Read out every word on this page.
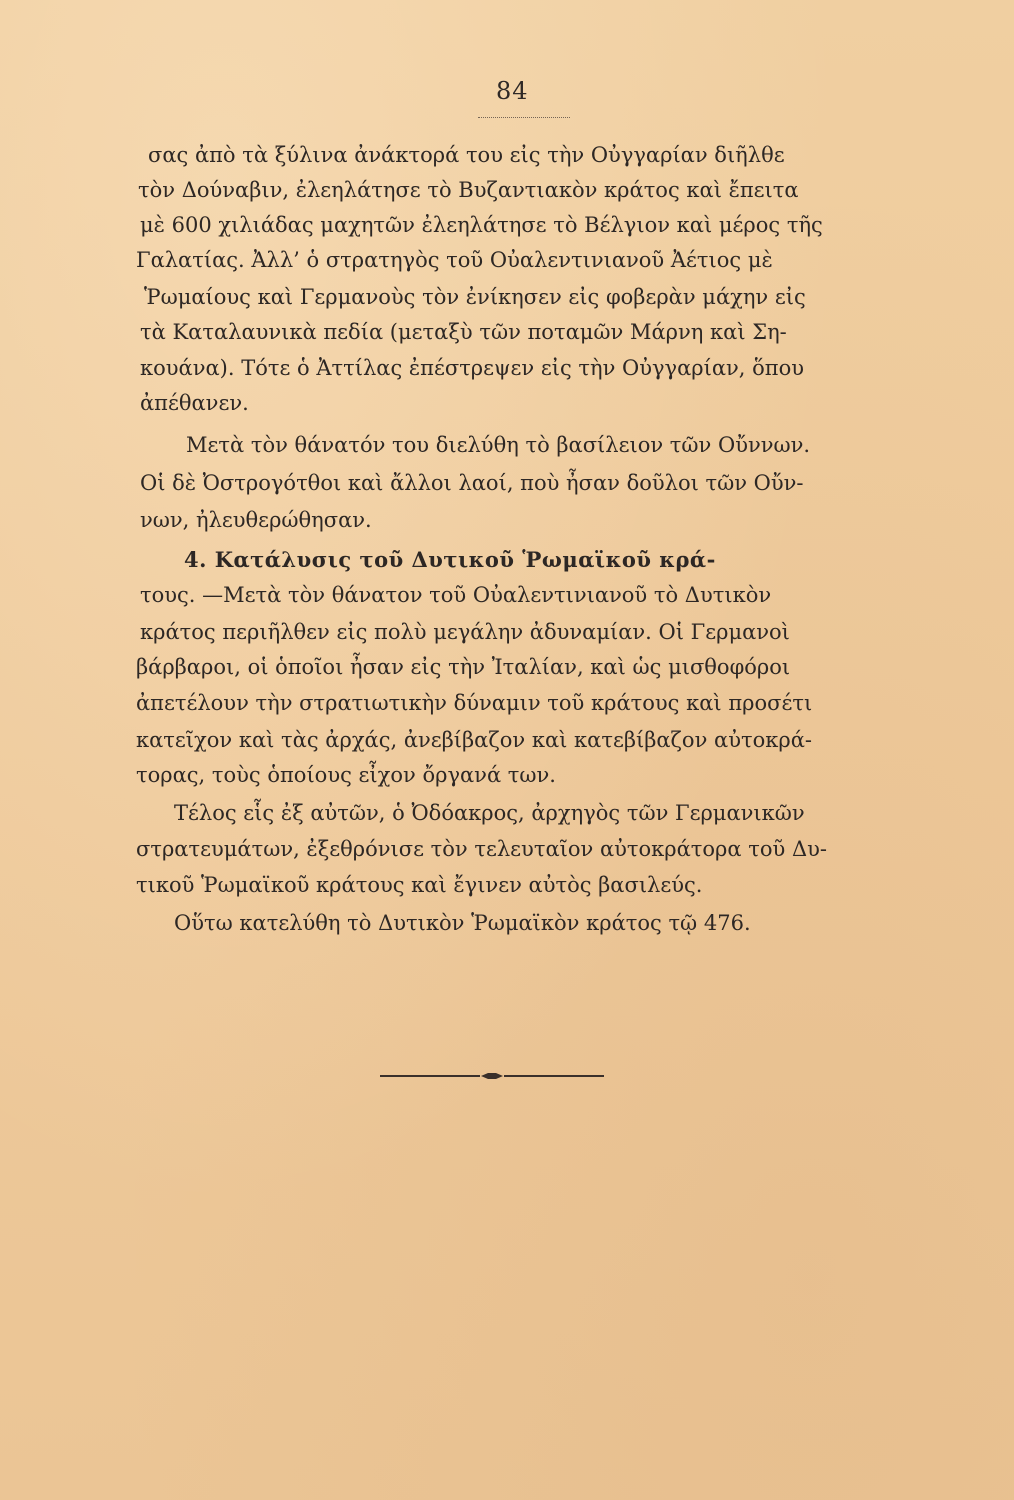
84
σας ἀπὸ τὰ ξύλινα ἀνάκτορά του εἰς τὴν Οὐγγαρίαν διῆλθε
τὸν Δούναβιν, ἐλεηλάτησε τὸ Βυζαντιακὸν κράτος καὶ ἔπειτα
μὲ 600 χιλιάδας μαχητῶν ἐλεηλάτησε τὸ Βέλγιον καὶ μέρος τῆς
Γαλατίας. Ἀλλ’ ὁ στρατηγὸς τοῦ Οὐαλεντινιανοῦ Ἀέτιος μὲ
Ῥωμαίους καὶ Γερμανοὺς τὸν ἐνίκησεν εἰς φοβερὰν μάχην εἰς
τὰ Καταλαυνικὰ πεδία (μεταξὺ τῶν ποταμῶν Μάρνη καὶ Ση-
κουάνα). Τότε ὁ Ἀττίλας ἐπέστρεψεν εἰς τὴν Οὐγγαρίαν, ὅπου
ἀπέθανεν.
Μετὰ τὸν θάνατόν του διελύθη τὸ βασίλειον τῶν Οὔννων.
Οἱ δὲ Ὀστρογότθοι καὶ ἄλλοι λαοί, ποὺ ἦσαν δοῦλοι τῶν Οὔν-
νων, ἠλευθερώθησαν.
4. Κατάλυσις τοῦ Δυτικοῦ Ῥωμαϊκοῦ κρά-
τους. —Μετὰ τὸν θάνατον τοῦ Οὐαλεντινιανοῦ τὸ Δυτικὸν
κράτος περιῆλθεν εἰς πολὺ μεγάλην ἀδυναμίαν. Οἱ Γερμανοὶ
βάρβαροι, οἱ ὁποῖοι ἦσαν εἰς τὴν Ἰταλίαν, καὶ ὡς μισθοφόροι
ἀπετέλουν τὴν στρατιωτικὴν δύναμιν τοῦ κράτους καὶ προσέτι
κατεῖχον καὶ τὰς ἀρχάς, ἀνεβίβαζον καὶ κατεβίβαζον αὐτοκρά-
τορας, τοὺς ὁποίους εἶχον ὄργανά των.
Τέλος εἷς ἐξ αὐτῶν, ὁ Ὀδόακρος, ἀρχηγὸς τῶν Γερμανικῶν
στρατευμάτων, ἐξεθρόνισε τὸν τελευταῖον αὐτοκράτορα τοῦ Δυ-
τικοῦ Ῥωμαϊκοῦ κράτους καὶ ἔγινεν αὐτὸς βασιλεύς.
Οὕτω κατελύθη τὸ Δυτικὸν Ῥωμαϊκὸν κράτος τῷ 476.
